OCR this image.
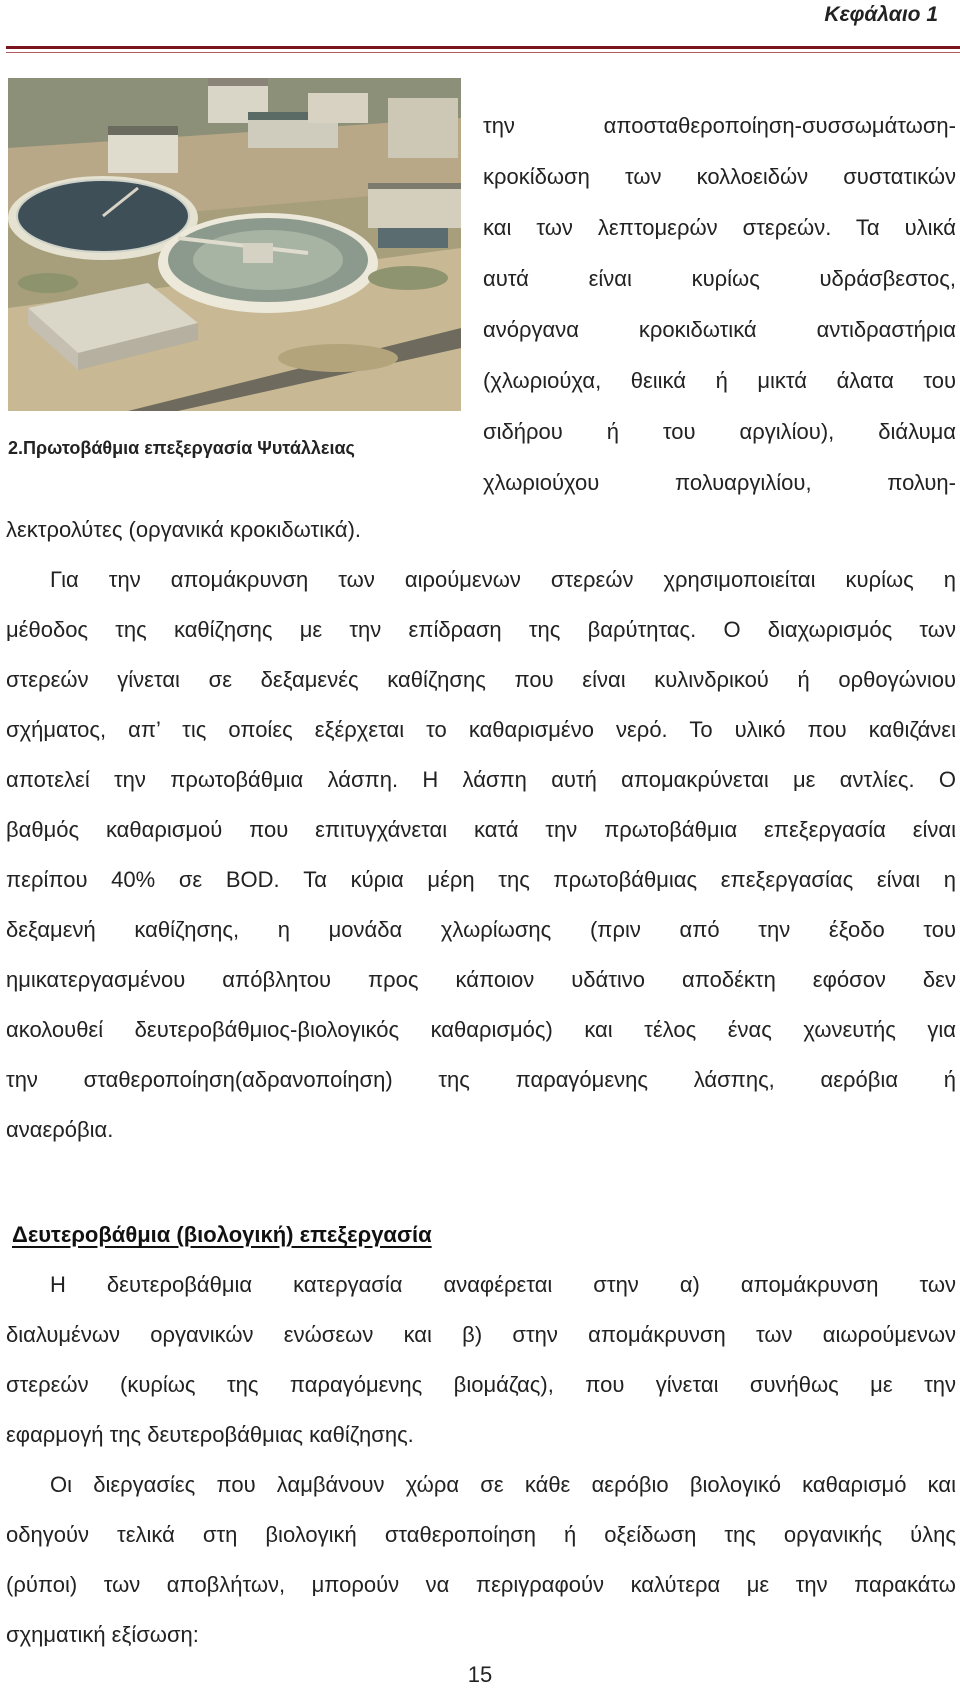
Κεφάλαιο 1
2.Πρωτοβάθμια επεξεργασία Ψυτάλλειας
την αποσταθεροποίηση-συσσωμάτωση-
κροκίδωση των κολλοειδών συστατικών
και των λεπτομερών στερεών. Τα υλικά
αυτά είναι κυρίως υδράσβεστος,
ανόργανα κροκιδωτικά αντιδραστήρια
(χλωριούχα, θειικά ή μικτά άλατα του
σιδήρου ή του αργιλίου), διάλυμα
χλωριούχου πολυαργιλίου, πολυη-
λεκτρολύτες (οργανικά κροκιδωτικά).
Για την απομάκρυνση των αιρούμενων στερεών χρησιμοποιείται κυρίως η
μέθοδος της καθίζησης με την επίδραση της βαρύτητας. Ο διαχωρισμός των
στερεών γίνεται σε δεξαμενές καθίζησης που είναι κυλινδρικού ή ορθογώνιου
σχήματος, απ’ τις οποίες εξέρχεται το καθαρισμένο νερό. Το υλικό που καθιζάνει
αποτελεί την πρωτοβάθμια λάσπη. Η λάσπη αυτή απομακρύνεται με αντλίες. Ο
βαθμός καθαρισμού που επιτυγχάνεται κατά την πρωτοβάθμια επεξεργασία είναι
περίπου 40% σε BOD. Τα κύρια μέρη της πρωτοβάθμιας επεξεργασίας είναι η
δεξαμενή καθίζησης, η μονάδα χλωρίωσης (πριν από την έξοδο του
ημικατεργασμένου απόβλητου προς κάποιον υδάτινο αποδέκτη εφόσον δεν
ακολουθεί δευτεροβάθμιος-βιολογικός καθαρισμός) και τέλος ένας χωνευτής για
την σταθεροποίηση(αδρανοποίηση) της παραγόμενης λάσπης, αερόβια ή
αναερόβια.
Δευτεροβάθμια (βιολογική) επεξεργασία
Η δευτεροβάθμια κατεργασία αναφέρεται στην α) απομάκρυνση των
διαλυμένων οργανικών ενώσεων και β) στην απομάκρυνση των αιωρούμενων
στερεών (κυρίως της παραγόμενης βιομάζας), που γίνεται συνήθως με την
εφαρμογή της δευτεροβάθμιας καθίζησης.
Οι διεργασίες που λαμβάνουν χώρα σε κάθε αερόβιο βιολογικό καθαρισμό και
οδηγούν τελικά στη βιολογική σταθεροποίηση ή οξείδωση της οργανικής ύλης
(ρύποι) των αποβλήτων, μπορούν να περιγραφούν καλύτερα με την παρακάτω
σχηματική εξίσωση:
15
